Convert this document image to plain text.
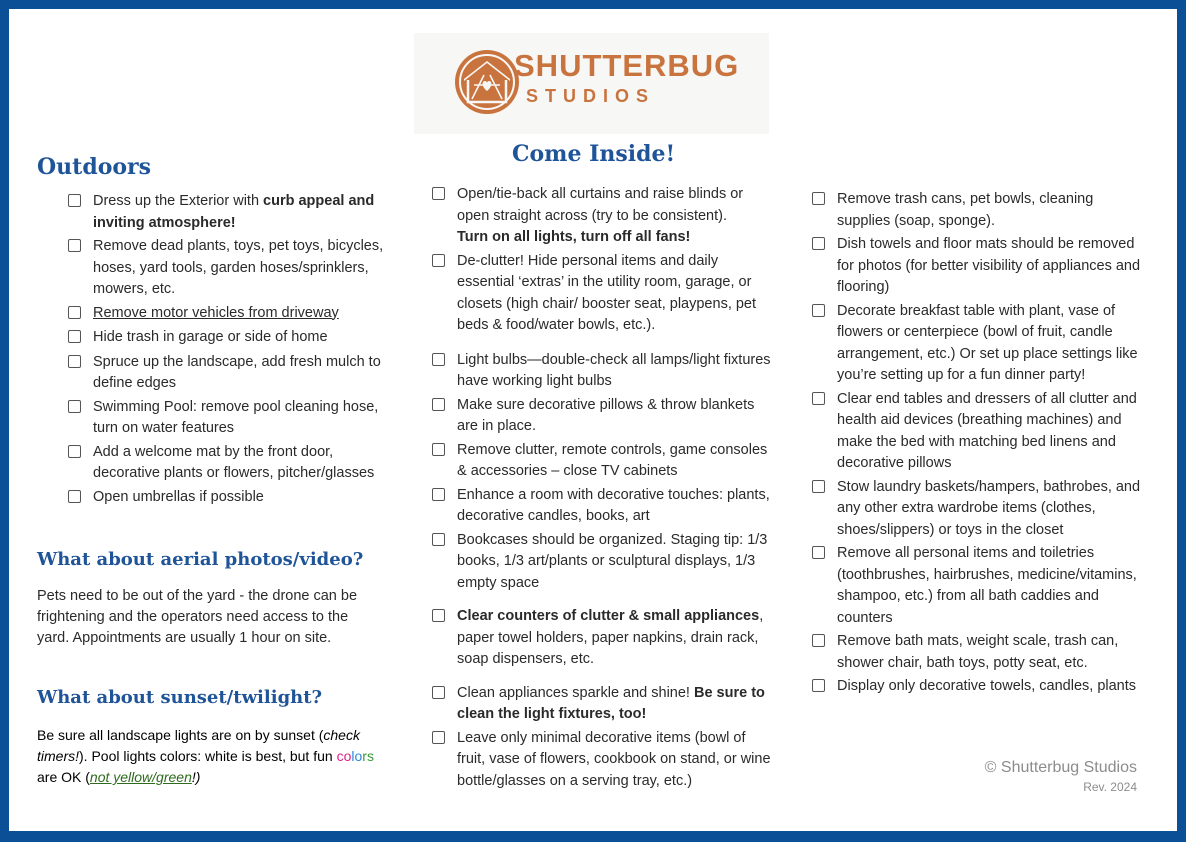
SHUTTERBUG
STUDIOS
Outdoors
Dress up the Exterior with curb appeal and inviting atmosphere!
Remove dead plants, toys, pet toys, bicycles, hoses, yard tools, garden hoses/sprinklers, mowers, etc.
Remove motor vehicles from driveway
Hide trash in garage or side of home
Spruce up the landscape, add fresh mulch to define edges
Swimming Pool: remove pool cleaning hose, turn on water features
Add a welcome mat by the front door, decorative plants or flowers, pitcher/glasses
Open umbrellas if possible
What about aerial photos/video?
Pets need to be out of the yard - the drone can be frightening and the operators need access to the yard. Appointments are usually 1 hour on site.
What about sunset/twilight?
Be sure all landscape lights are on by sunset (check timers!). Pool lights colors: white is best, but fun colors are OK (not yellow/green!)
Come Inside!
Open/tie-back all curtains and raise blinds or open straight across (try to be consistent).
Turn on all lights, turn off all fans!
De-clutter! Hide personal items and daily essential ‘extras’ in the utility room, garage, or closets (high chair/ booster seat, playpens, pet beds & food/water bowls, etc.).
Light bulbs—double-check all lamps/light fixtures have working light bulbs
Make sure decorative pillows & throw blankets are in place.
Remove clutter, remote controls, game consoles & accessories – close TV cabinets
Enhance a room with decorative touches: plants, decorative candles, books, art
Bookcases should be organized. Staging tip: 1/3 books, 1/3 art/plants or sculptural displays, 1/3 empty space
Clear counters of clutter & small appliances, paper towel holders, paper napkins, drain rack, soap dispensers, etc.
Clean appliances sparkle and shine! Be sure to clean the light fixtures, too!
Leave only minimal decorative items (bowl of fruit, vase of flowers, cookbook on stand, or wine bottle/glasses on a serving tray, etc.)
Remove trash cans, pet bowls, cleaning supplies (soap, sponge).
Dish towels and floor mats should be removed for photos (for better visibility of appliances and flooring)
Decorate breakfast table with plant, vase of flowers or centerpiece (bowl of fruit, candle arrangement, etc.) Or set up place settings like you’re setting up for a fun dinner party!
Clear end tables and dressers of all clutter and health aid devices (breathing machines) and make the bed with matching bed linens and decorative pillows
Stow laundry baskets/hampers, bathrobes, and any other extra wardrobe items (clothes, shoes/slippers) or toys in the closet
Remove all personal items and toiletries (toothbrushes, hairbrushes, medicine/vitamins, shampoo, etc.) from all bath caddies and counters
Remove bath mats, weight scale, trash can, shower chair, bath toys, potty seat, etc.
Display only decorative towels, candles, plants
© Shutterbug Studios
Rev. 2024
